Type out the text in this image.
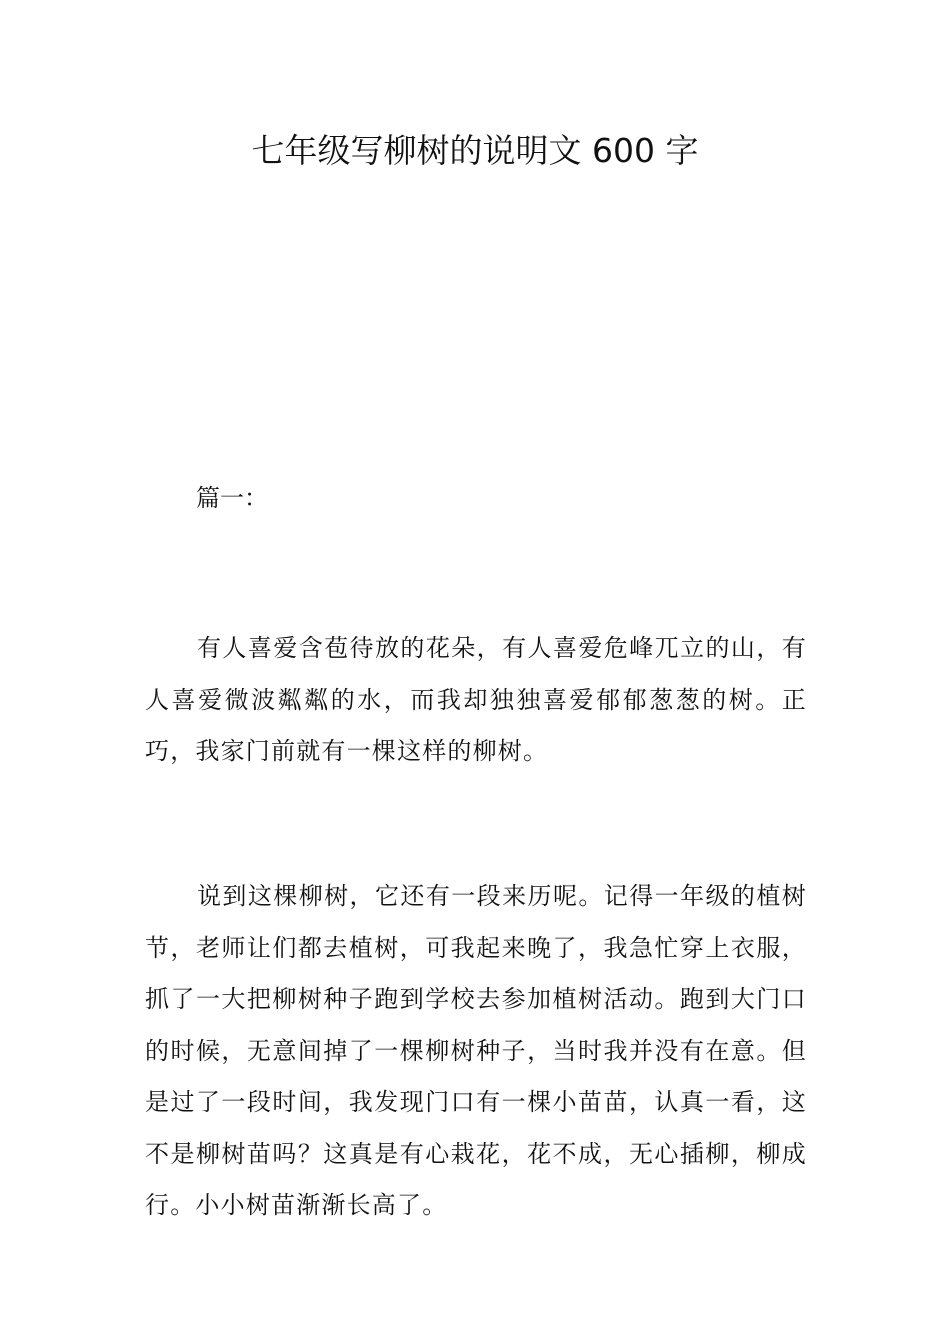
七年级写柳树的说明文 600 字
篇一：

有人喜爱含苞待放的花朵，有人喜爱危峰兀立的山，有人喜爱微波粼粼的水，而我却独独喜爱郁郁葱葱的树。正巧，我家门前就有一棵这样的柳树。

说到这棵柳树，它还有一段来历呢。记得一年级的植树节，老师让们都去植树，可我起来晚了，我急忙穿上衣服，抓了一大把柳树种子跑到学校去参加植树活动。跑到大门口的时候，无意间掉了一棵柳树种子，当时我并没有在意。但是过了一段时间，我发现门口有一棵小苗苗，认真一看，这不是柳树苗吗？这真是有心栽花，花不成，无心插柳，柳成行。小小树苗渐渐长高了。
